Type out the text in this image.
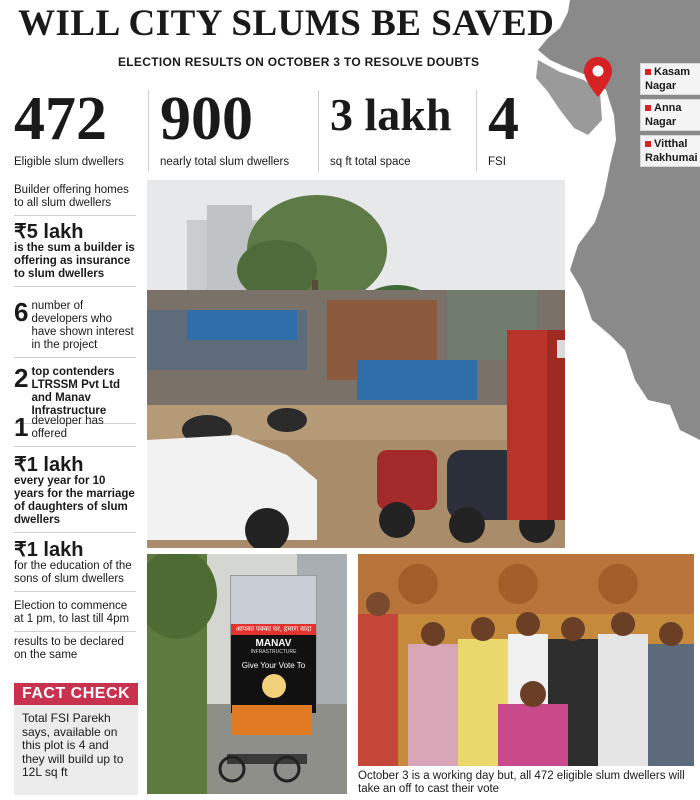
WILL CITY SLUMS BE SAVED
ELECTION RESULTS ON OCTOBER 3 TO RESOLVE DOUBTS
472
Eligible slum dwellers
900
nearly total slum dwellers
3 lakh
sq ft total space
4
FSI
Kasam
Nagar
Anna
Nagar
Vitthal
Rakhumai
Builder offering homes to all slum dwellers
₹5 lakh
is the sum a builder is offering as insurance to slum dwellers
6 number of developers who have shown interest in the project
2 top contenders LTRSSM Pvt Ltd and Manav Infrastructure
1 developer has offered
₹1 lakh
every year for 10 years for the marriage of daughters of slum dwellers
₹1 lakh
for the education of the sons of slum dwellers
Election to commence at 1 pm, to last till 4pm
results to be declared on the same
FACT CHECK
Total FSI Parekh says, available on this plot is 4 and they will build up to 12L sq ft
आपका पक्का घर, हमारा वादा
MANAV
INFRASTRUCTURE
Give Your Vote To
October 3 is a working day but, all 472 eligible slum dwellers will take an off to cast their vote
